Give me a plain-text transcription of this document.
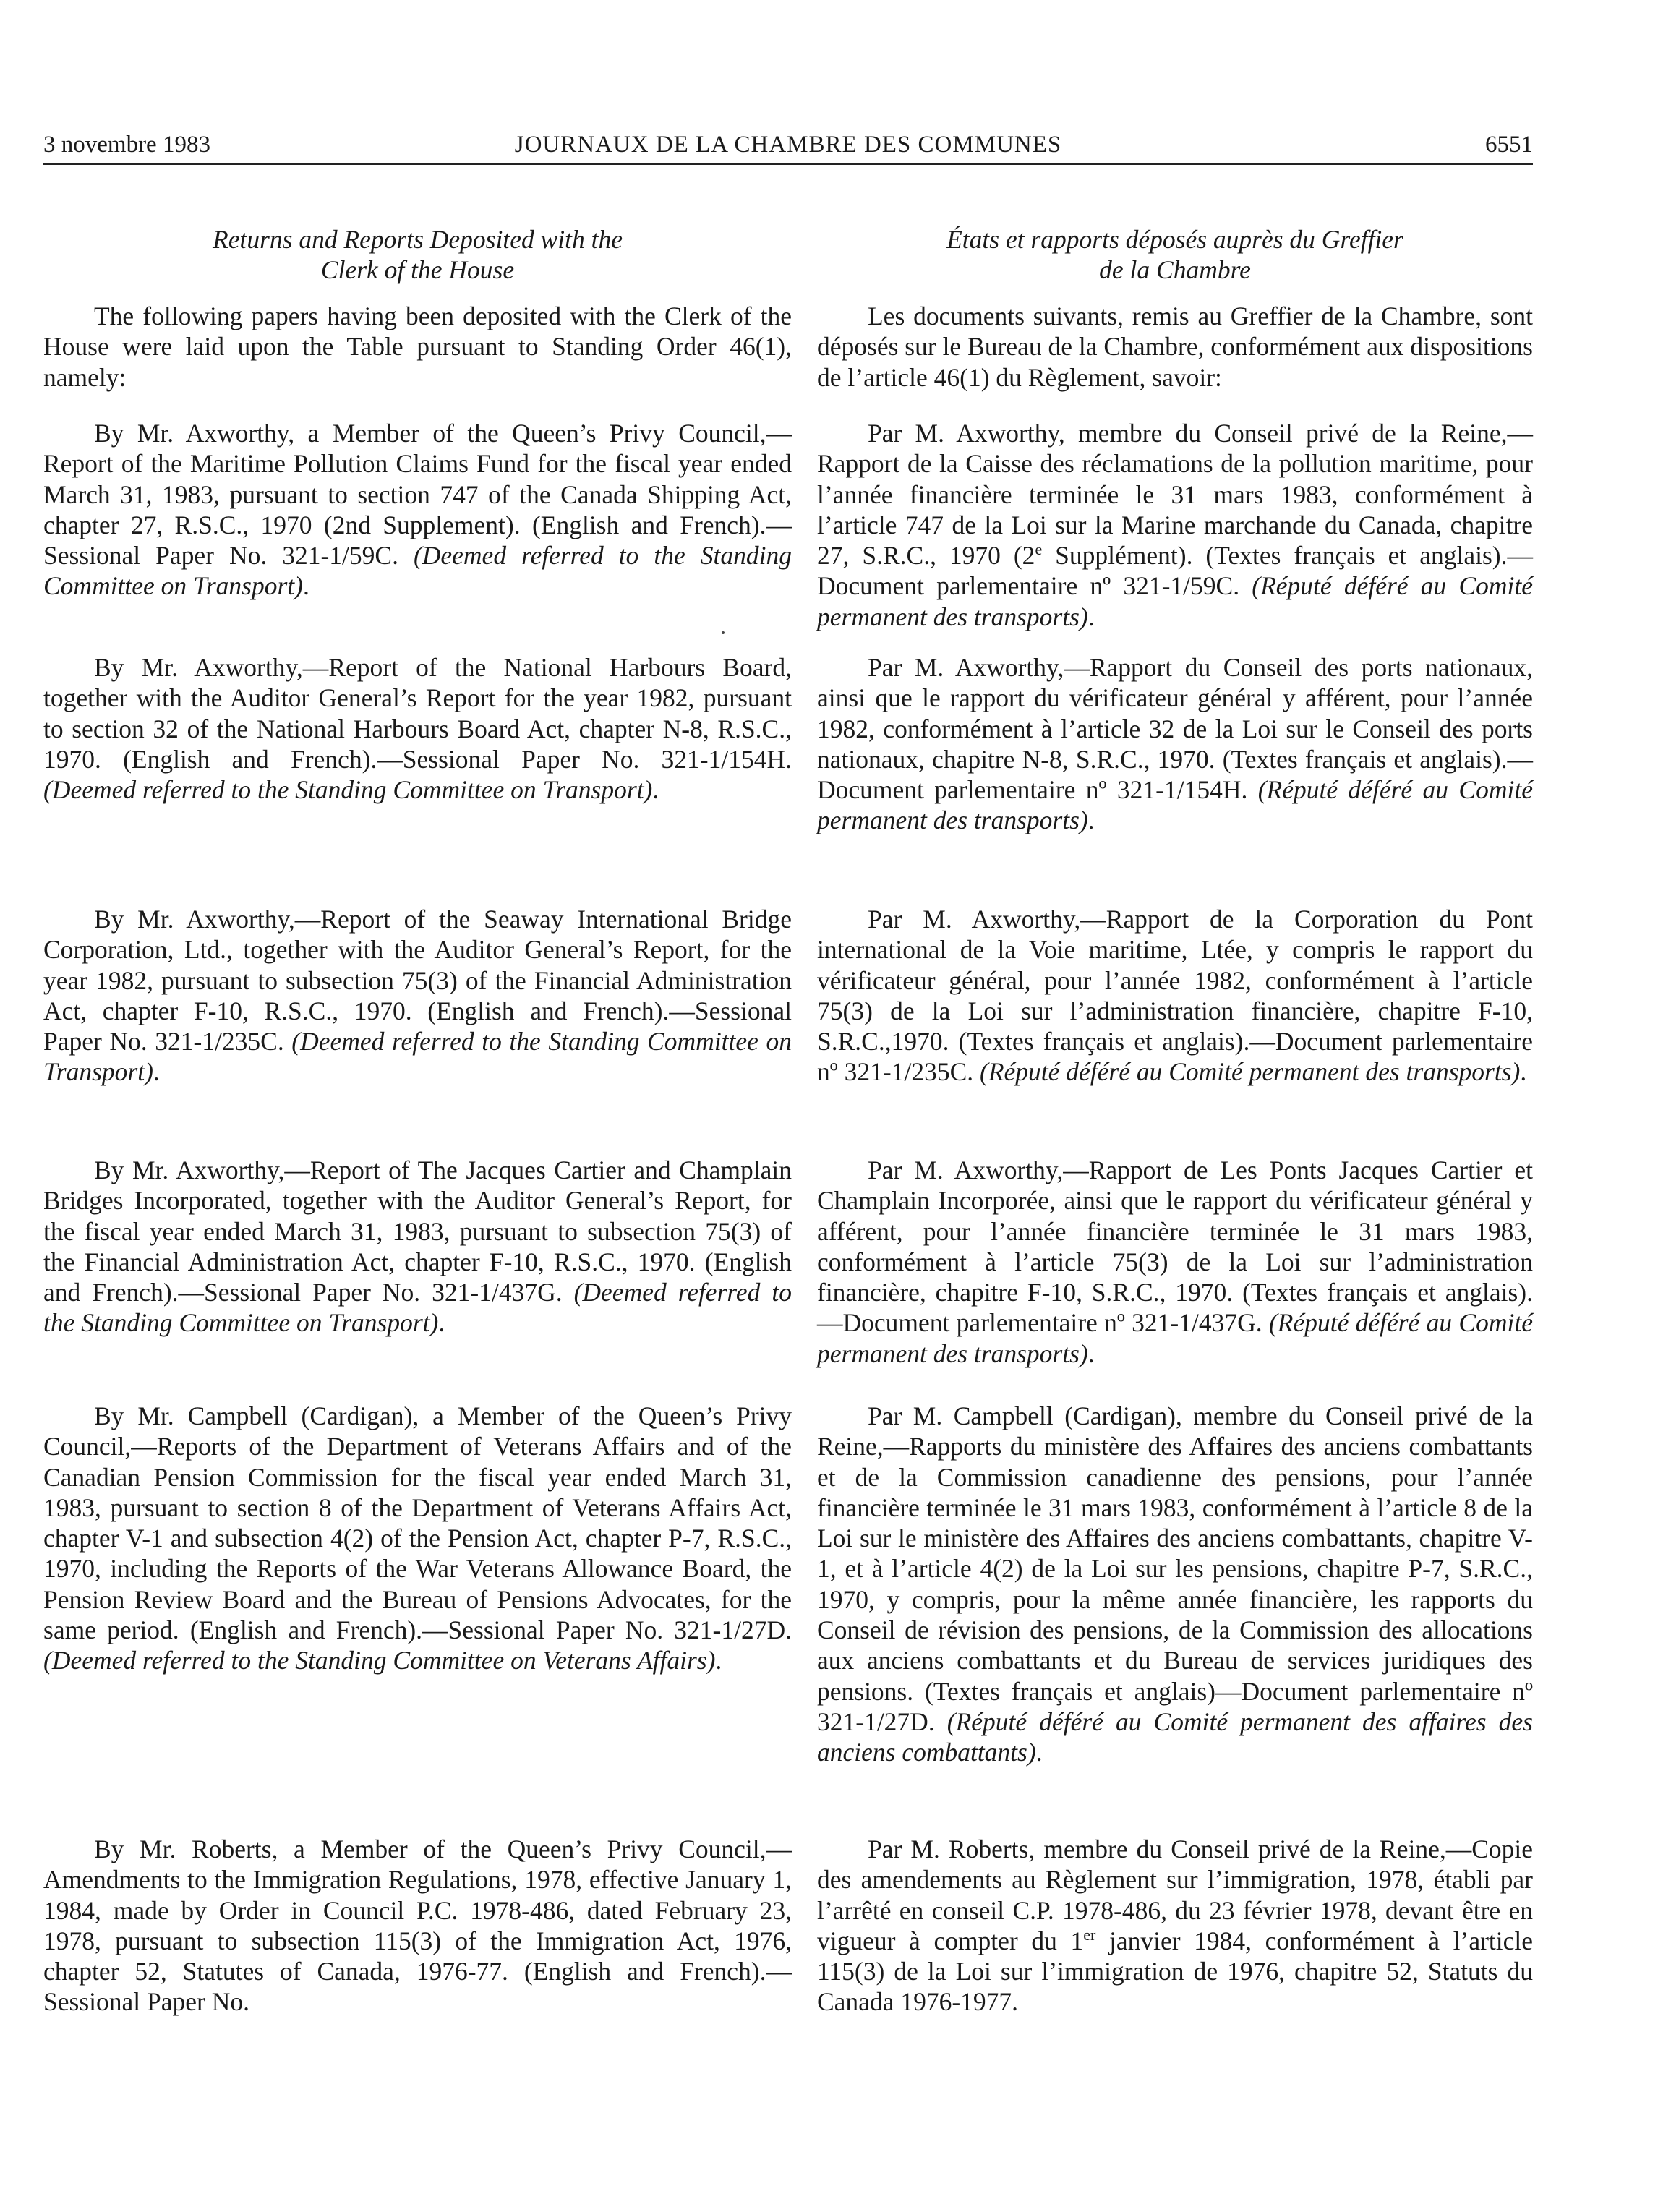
3 novembre 1983	JOURNAUX DE LA CHAMBRE DES COMMUNES	6551
Returns and Reports Deposited with the
Clerk of the House

The following papers having been deposited with the Clerk of the House were laid upon the Table pursuant to Standing Order 46(1), namely:

By Mr. Axworthy, a Member of the Queen’s Privy Council,—Report of the Maritime Pollution Claims Fund for the fiscal year ended March 31, 1983, pursuant to section 747 of the Canada Shipping Act, chapter 27, R.S.C., 1970 (2nd Supplement). (English and French).—Sessional Paper No. 321-1/59C. (Deemed referred to the Standing Committee on Transport).

By Mr. Axworthy,—Report of the National Harbours Board, together with the Auditor General’s Report for the year 1982, pursuant to section 32 of the National Harbours Board Act, chapter N-8, R.S.C., 1970. (English and French).—Sessional Paper No. 321-1/154H. (Deemed referred to the Standing Committee on Transport).

By Mr. Axworthy,—Report of the Seaway International Bridge Corporation, Ltd., together with the Auditor General’s Report, for the year 1982, pursuant to subsection 75(3) of the Financial Administration Act, chapter F-10, R.S.C., 1970. (English and French).—Sessional Paper No. 321-1/235C. (Deemed referred to the Standing Committee on Transport).

By Mr. Axworthy,—Report of The Jacques Cartier and Champlain Bridges Incorporated, together with the Auditor General’s Report, for the fiscal year ended March 31, 1983, pursuant to subsection 75(3) of the Financial Administration Act, chapter F-10, R.S.C., 1970. (English and French).—Sessional Paper No. 321-1/437G. (Deemed referred to the Standing Committee on Transport).

By Mr. Campbell (Cardigan), a Member of the Queen’s Privy Council,—Reports of the Department of Veterans Affairs and of the Canadian Pension Commission for the fiscal year ended March 31, 1983, pursuant to section 8 of the Department of Veterans Affairs Act, chapter V-1 and subsection 4(2) of the Pension Act, chapter P-7, R.S.C., 1970, including the Reports of the War Veterans Allowance Board, the Pension Review Board and the Bureau of Pensions Advocates, for the same period. (English and French).—Sessional Paper No. 321-1/27D. (Deemed referred to the Standing Committee on Veterans Affairs).

By Mr. Roberts, a Member of the Queen’s Privy Council,—Amendments to the Immigration Regulations, 1978, effective January 1, 1984, made by Order in Council P.C. 1978-486, dated February 23, 1978, pursuant to subsection 115(3) of the Immigration Act, 1976, chapter 52, Statutes of Canada, 1976-77. (English and French).—Sessional Paper No.

États et rapports déposés auprès du Greffier
de la Chambre

Les documents suivants, remis au Greffier de la Chambre, sont déposés sur le Bureau de la Chambre, conformément aux dispositions de l’article 46(1) du Règlement, savoir:

Par M. Axworthy, membre du Conseil privé de la Reine,—Rapport de la Caisse des réclamations de la pollution maritime, pour l’année financière terminée le 31 mars 1983, conformément à l’article 747 de la Loi sur la Marine marchande du Canada, chapitre 27, S.R.C., 1970 (2e Supplément). (Textes français et anglais).—Document parlementaire nº 321-1/59C. (Réputé déféré au Comité permanent des transports).

Par M. Axworthy,—Rapport du Conseil des ports nationaux, ainsi que le rapport du vérificateur général y afférent, pour l’année 1982, conformément à l’article 32 de la Loi sur le Conseil des ports nationaux, chapitre N-8, S.R.C., 1970. (Textes français et anglais).—Document parlementaire nº 321-1/154H. (Réputé déféré au Comité permanent des transports).

Par M. Axworthy,—Rapport de la Corporation du Pont international de la Voie maritime, Ltée, y compris le rapport du vérificateur général, pour l’année 1982, conformément à l’article 75(3) de la Loi sur l’administration financière, chapitre F-10, S.R.C.,1970. (Textes français et anglais).—Document parlementaire nº 321-1/235C. (Réputé déféré au Comité permanent des transports).

Par M. Axworthy,—Rapport de Les Ponts Jacques Cartier et Champlain Incorporée, ainsi que le rapport du vérificateur général y afférent, pour l’année financière terminée le 31 mars 1983, conformément à l’article 75(3) de la Loi sur l’administration financière, chapitre F-10, S.R.C., 1970. (Textes français et anglais).—Document parlementaire nº 321-1/437G. (Réputé déféré au Comité permanent des transports).

Par M. Campbell (Cardigan), membre du Conseil privé de la Reine,—Rapports du ministère des Affaires des anciens combattants et de la Commission canadienne des pensions, pour l’année financière terminée le 31 mars 1983, conformément à l’article 8 de la Loi sur le ministère des Affaires des anciens combattants, chapitre V-1, et à l’article 4(2) de la Loi sur les pensions, chapitre P-7, S.R.C., 1970, y compris, pour la même année financière, les rapports du Conseil de révision des pensions, de la Commission des allocations aux anciens combattants et du Bureau de services juridiques des pensions. (Textes français et anglais)—Document parlementaire nº 321-1/27D. (Réputé déféré au Comité permanent des affaires des anciens combattants).

Par M. Roberts, membre du Conseil privé de la Reine,—Copie des amendements au Règlement sur l’immigration, 1978, établi par l’arrêté en conseil C.P. 1978-486, du 23 février 1978, devant être en vigueur à compter du 1er janvier 1984, conformément à l’article 115(3) de la Loi sur l’immigration de 1976, chapitre 52, Statuts du Canada 1976-1977.
